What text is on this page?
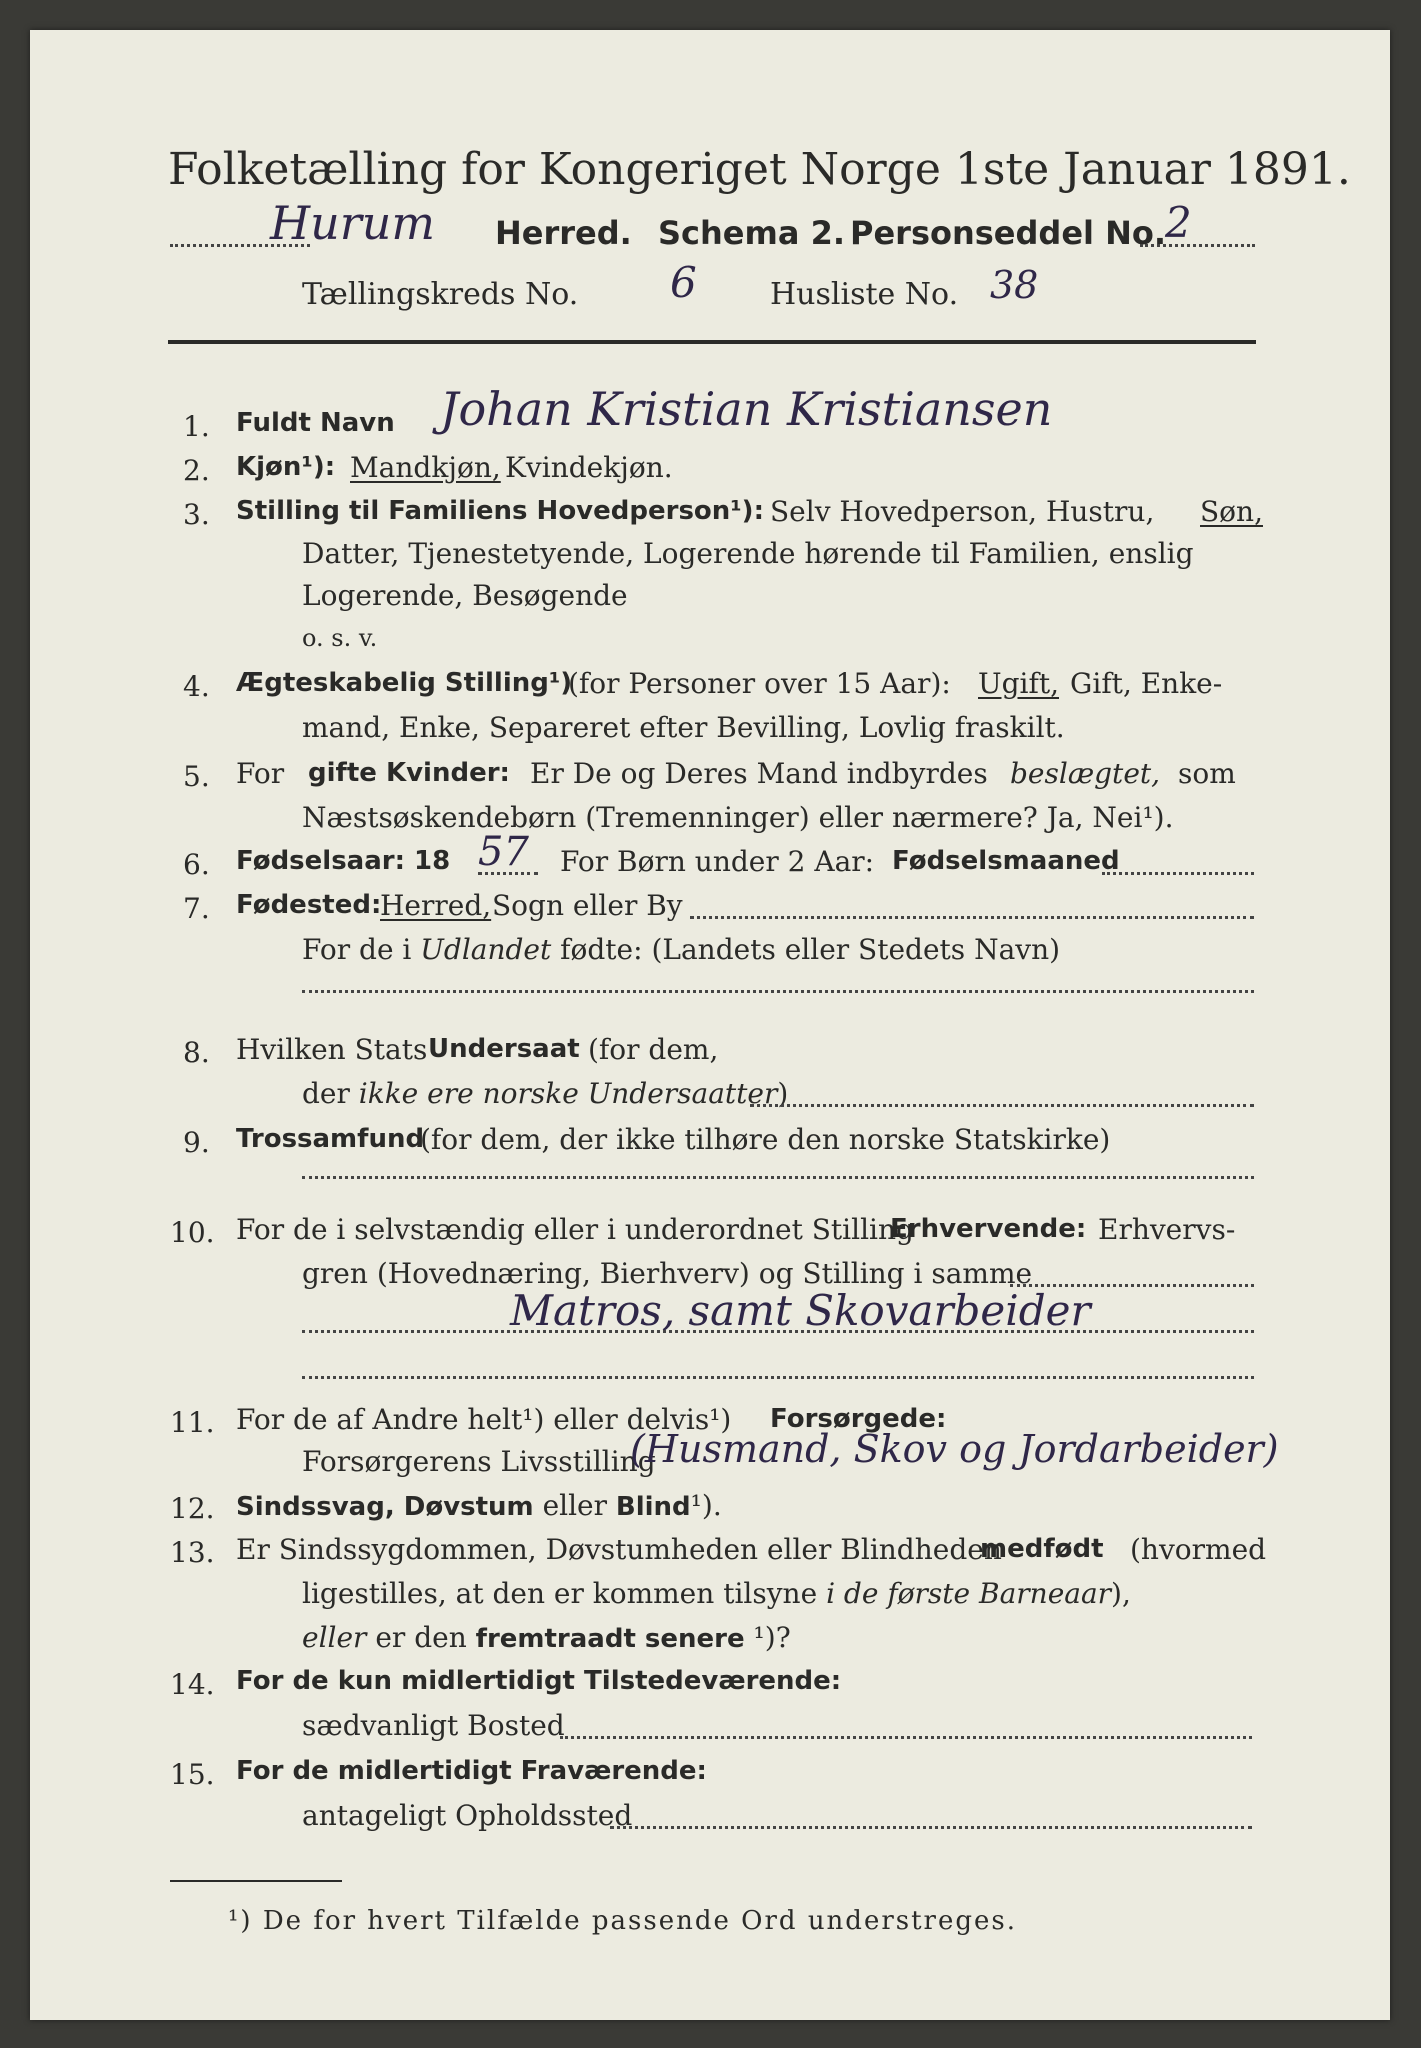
Folketælling for Kongeriget Norge 1ste Januar 1891.
Hurum Herred. Schema 2. Personseddel No.
2
Tællingskreds No. 6 Husliste No. 38
1. Fuldt Navn Johan Kristian Kristiansen
2. Kjøn¹): Mandkjøn, Kvindekjøn.
3. Stilling til Familiens Hovedperson¹): Selv Hovedperson, Hustru, Søn,
Datter, Tjenestetyende, Logerende hørende til Familien, enslig
Logerende, Besøgende
o. s. v.
4. Ægteskabelig Stilling¹)
(for Personer over 15 Aar): Ugift, Gift, Enke-
mand, Enke, Separeret efter Bevilling, Lovlig fraskilt.
5. For gifte Kvinder: Er De og Deres Mand indbyrdes beslægtet, som
Næstsøskendebørn (Tremenninger) eller nærmere? Ja, Nei¹).
6. Fødselsaar: 18 57 For Børn under 2 Aar: Fødselsmaaned
7. Fødested:
Herred, Sogn eller By
For de i Udlandet fødte: (Landets eller Stedets Navn)
8. Hvilken Stats Undersaat (for dem,
der ikke ere norske Undersaatter)
9. Trossamfund
(for dem, der ikke tilhøre den norske Statskirke)
10. For de i selvstændig eller i underordnet Stilling
Erhvervende: Erhvervs-
gren (Hovednæring, Bierhverv) og Stilling i samme
Matros, samt Skovarbeider
11. For de af Andre helt¹) eller delvis¹) Forsørgede:
Forsørgerens Livsstilling
(Husmand, Skov og Jordarbeider)
12. Sindssvag, Døvstum eller Blind¹).
13. Er Sindssygdommen, Døvstumheden eller Blindheden
medfødt (hvormed
ligestilles, at den er kommen tilsyne i de første Barneaar),
eller er den fremtraadt senere ¹)?
14. For de kun midlertidigt Tilstedeværende:
sædvanligt Bosted
15. For de midlertidigt Fraværende:
antageligt Opholdssted
¹) De for hvert Tilfælde passende Ord understreges.
